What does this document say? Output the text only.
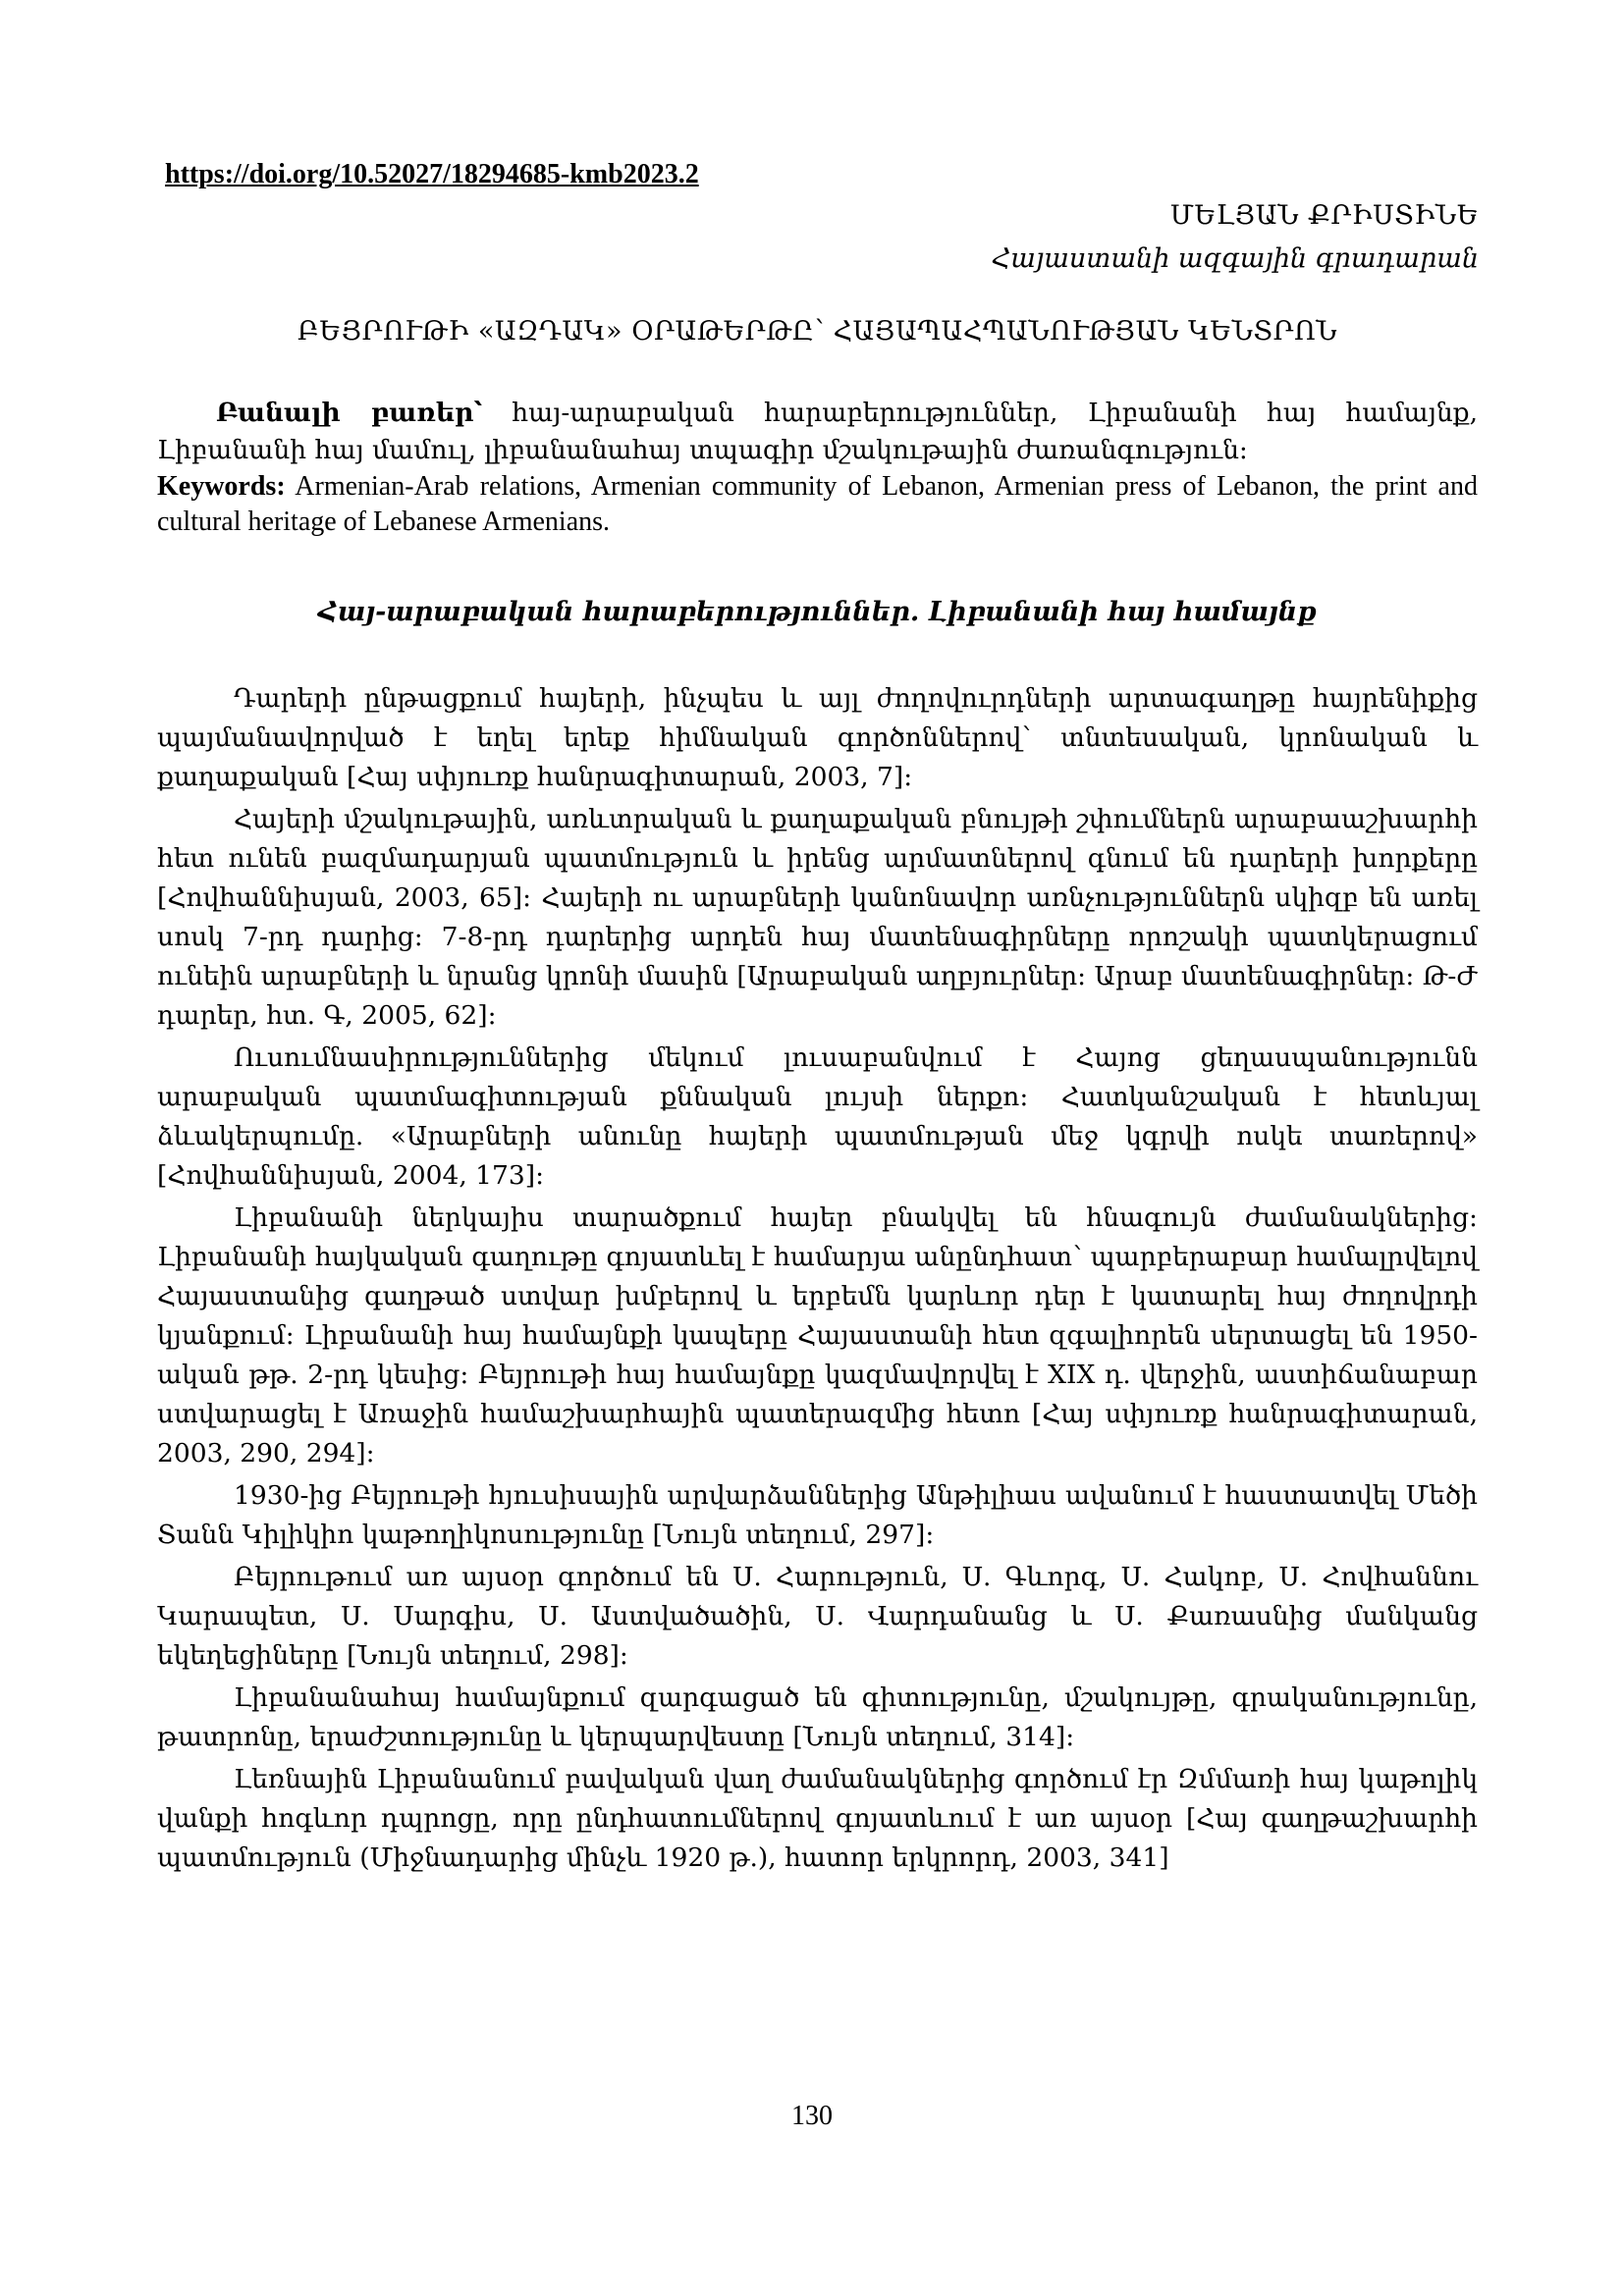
https://doi.org/10.52027/18294685-kmb2023.2
ՄԵԼՅԱՆ ՔՐԻՍՏԻՆԵ
Հայաստանի ազգային գրադարան
ԲԵՅՐՈՒԹԻ «ԱԶԴԱԿ» ՕՐԱԹԵՐԹԸ՝ ՀԱՅԱՊԱՀՊԱՆՈՒԹՅԱՆ ԿԵՆՏՐՈՆ

Բանալի բառեր՝ հայ-արաբական հարաբերություններ, Լիբանանի հայ համայնք, Լիբանանի հայ մամուլ, լիբանանահայ տպագիր մշակութային ժառանգություն:

Keywords: Armenian-Arab relations, Armenian community of Lebanon, Armenian press of Lebanon, the print and cultural heritage of Lebanese Armenians.

Հայ-արաբական հարաբերություններ. Լիբանանի հայ համայնք

Դարերի ընթացքում հայերի, ինչպես և այլ ժողովուրդների արտագաղթը հայրենիքից պայմանավորված է եղել երեք հիմնական գործոններով՝ տնտեսական, կրոնական և քաղաքական [Հայ սփյուռք հանրագիտարան, 2003, 7]:

Հայերի մշակութային, առևտրական և քաղաքական բնույթի շփումներն արաբաաշխարհի հետ ունեն բազմադարյան պատմություն և իրենց արմատներով գնում են դարերի խորքերը [Հովհաննիսյան, 2003, 65]: Հայերի ու արաբների կանոնավոր առնչություններն սկիզբ են առել սոսկ 7-րդ դարից: 7-8-րդ դարերից արդեն հայ մատենագիրները որոշակի պատկերացում ունեին արաբների և նրանց կրոնի մասին [Արաբական աղբյուրներ: Արաբ մատենագիրներ: Թ-Ժ դարեր, հտ. Գ, 2005, 62]:

Ուսումնասիրություններից մեկում լուսաբանվում է Հայոց ցեղասպանությունն արաբական պատմագիտության քննական լույսի ներքո: Հատկանշական է հետևյալ ձևակերպումը. «Արաբների անունը հայերի պատմության մեջ կգրվի ոսկե տառերով» [Հովհաննիսյան, 2004, 173]:

Լիբանանի ներկայիս տարածքում հայեր բնակվել են հնագույն ժամանակներից: Լիբանանի հայկական գաղութը գոյատևել է համարյա անընդհատ՝ պարբերաբար համալրվելով Հայաստանից գաղթած ստվար խմբերով և երբեմն կարևոր դեր է կատարել հայ ժողովրդի կյանքում: Լիբանանի հայ համայնքի կապերը Հայաստանի հետ զգալիորեն սերտացել են 1950-ական թթ. 2-րդ կեսից: Բեյրութի հայ համայնքը կազմավորվել է XIX դ. վերջին, աստիճանաբար ստվարացել է Առաջին համաշխարհային պատերազմից հետո [Հայ սփյուռք հանրագիտարան, 2003, 290, 294]:

1930-ից Բեյրութի հյուսիսային արվարձաններից Անթիլիաս ավանում է հաստատվել Մեծի Տանն Կիլիկիո կաթողիկոսությունը [Նույն տեղում, 297]:

Բեյրութում առ այսօր գործում են Ս. Հարություն, Ս. Գևորգ, Ս. Հակոբ, Ս. Հովհաննու Կարապետ, Ս. Սարգիս, Ս. Աստվածածին, Ս. Վարդանանց և Ս. Քառասնից մանկանց եկեղեցիները [Նույն տեղում, 298]:

Լիբանանահայ համայնքում զարգացած են գիտությունը, մշակույթը, գրականությունը, թատրոնը, երաժշտությունը և կերպարվեստը [Նույն տեղում, 314]:

Լեռնային Լիբանանում բավական վաղ ժամանակներից գործում էր Զմմառի հայ կաթոլիկ վանքի հոգևոր դպրոցը, որը ընդհատումներով գոյատևում է առ այսօր [Հայ գաղթաշխարհի պատմություն (Միջնադարից մինչև 1920 թ.), հատոր երկրորդ, 2003, 341]

130
